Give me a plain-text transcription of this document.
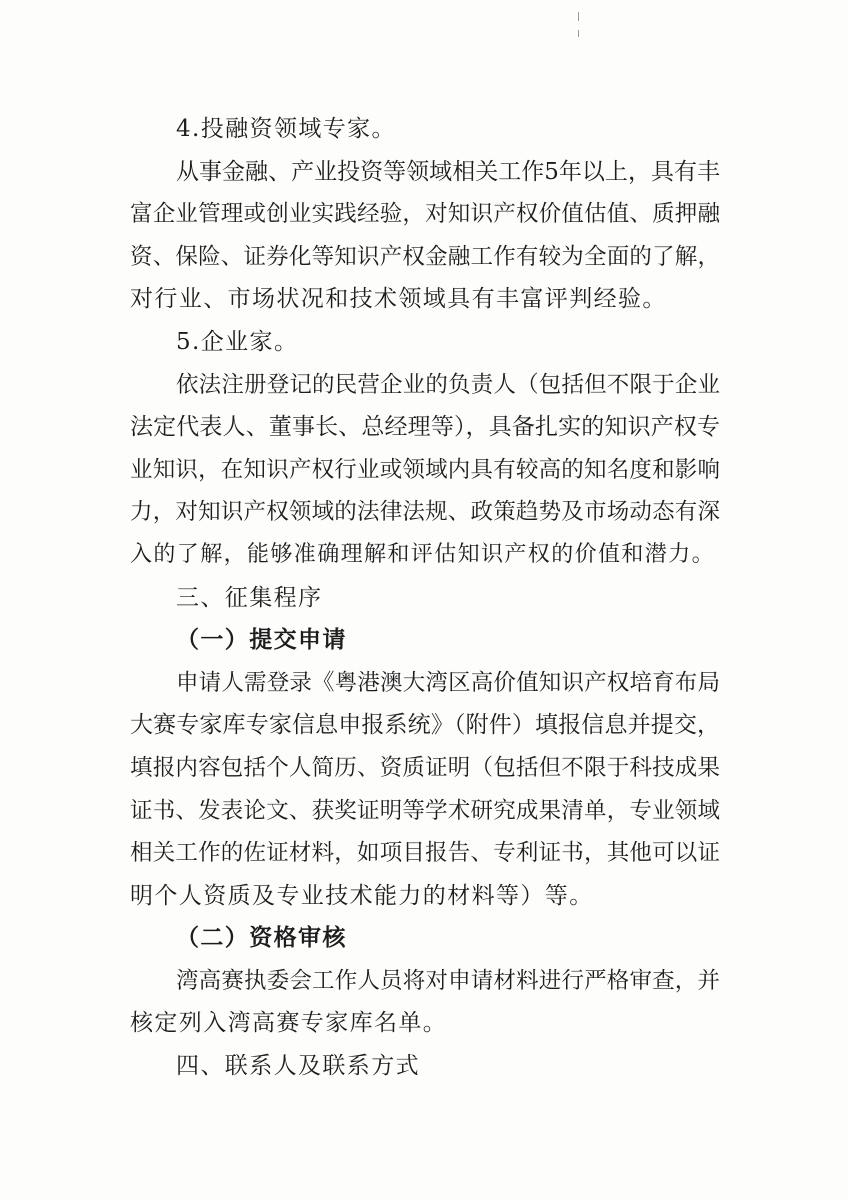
4.投融资领域专家。
从事金融、产业投资等领域相关工作5年以上，具有丰
富企业管理或创业实践经验，对知识产权价值估值、质押融
资、保险、证券化等知识产权金融工作有较为全面的了解，
对行业、市场状况和技术领域具有丰富评判经验。
5.企业家。
依法注册登记的民营企业的负责人（包括但不限于企业
法定代表人、董事长、总经理等），具备扎实的知识产权专
业知识，在知识产权行业或领域内具有较高的知名度和影响
力，对知识产权领域的法律法规、政策趋势及市场动态有深
入的了解，能够准确理解和评估知识产权的价值和潜力。
三、征集程序
（一）提交申请
申请人需登录《粤港澳大湾区高价值知识产权培育布局
大赛专家库专家信息申报系统》（附件）填报信息并提交，
填报内容包括个人简历、资质证明（包括但不限于科技成果
证书、发表论文、获奖证明等学术研究成果清单，专业领域
相关工作的佐证材料，如项目报告、专利证书，其他可以证
明个人资质及专业技术能力的材料等）等。
（二）资格审核
湾高赛执委会工作人员将对申请材料进行严格审查，并
核定列入湾高赛专家库名单。
四、联系人及联系方式
